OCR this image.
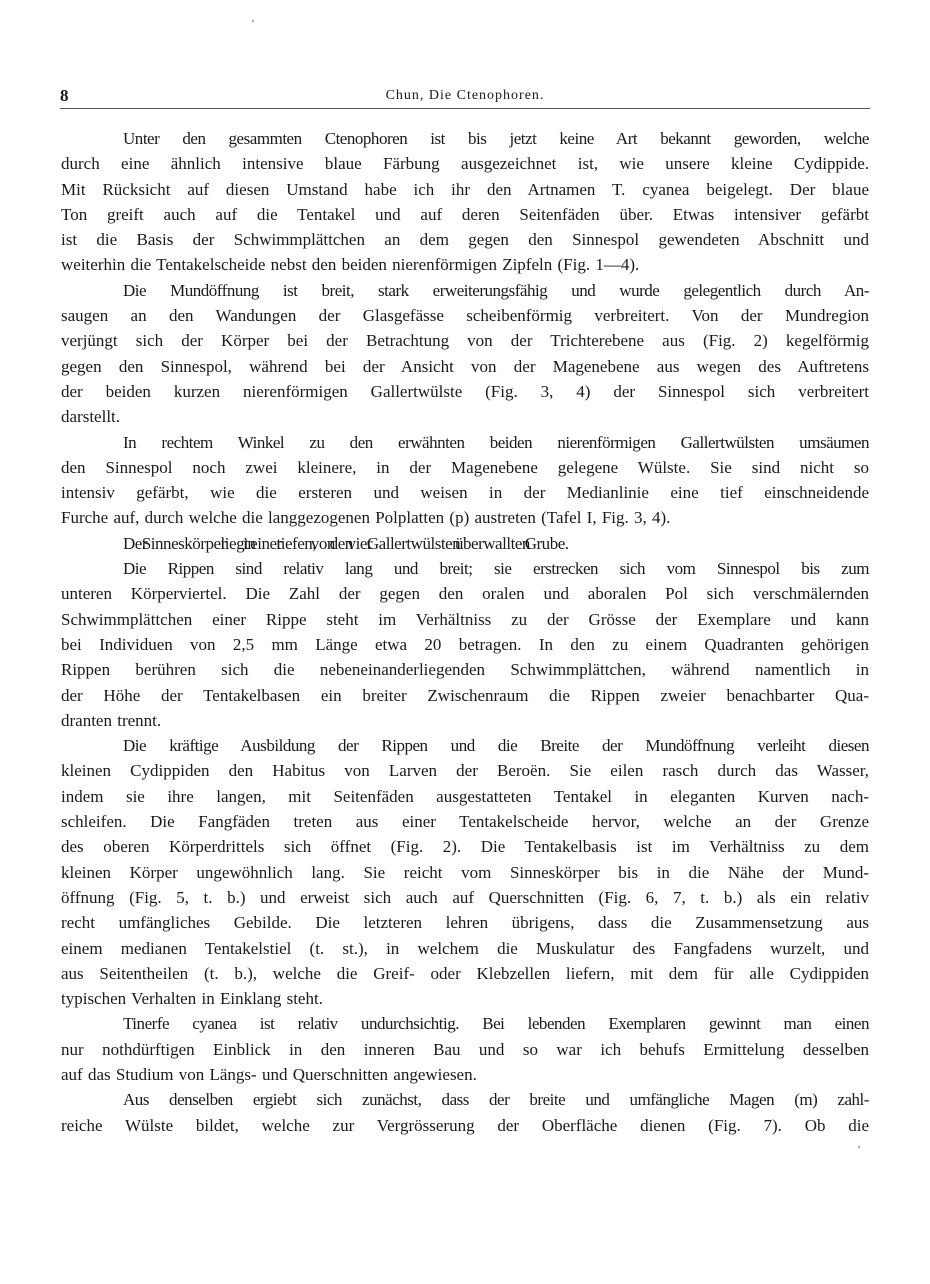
8	Chun, Die Ctenophoren.

Unter den gesammten Ctenophoren ist bis jetzt keine Art bekannt geworden, welche
durch eine ähnlich intensive blaue Färbung ausgezeichnet ist, wie unsere kleine Cydippide.
Mit Rücksicht auf diesen Umstand habe ich ihr den Artnamen T. cyanea beigelegt. Der blaue
Ton greift auch auf die Tentakel und auf deren Seitenfäden über. Etwas intensiver gefärbt
ist die Basis der Schwimmplättchen an dem gegen den Sinnespol gewendeten Abschnitt und
weiterhin die Tentakelscheide nebst den beiden nierenförmigen Zipfeln (Fig. 1—4).

Die Mundöffnung ist breit, stark erweiterungsfähig und wurde gelegentlich durch An-
saugen an den Wandungen der Glasgefässe scheibenförmig verbreitert. Von der Mundregion
verjüngt sich der Körper bei der Betrachtung von der Trichterebene aus (Fig. 2) kegelförmig
gegen den Sinnespol, während bei der Ansicht von der Magenebene aus wegen des Auftretens
der beiden kurzen nierenförmigen Gallertwülste (Fig. 3, 4) der Sinnespol sich verbreitert
darstellt.

In rechtem Winkel zu den erwähnten beiden nierenförmigen Gallertwülsten umsäumen
den Sinnespol noch zwei kleinere, in der Magenebene gelegene Wülste. Sie sind nicht so
intensiv gefärbt, wie die ersteren und weisen in der Medianlinie eine tief einschneidende
Furche auf, durch welche die langgezogenen Polplatten (p) austreten (Tafel I, Fig. 3, 4).

Der Sinneskörper liegt in einer tiefen, von den vier Gallertwülsten überwallten Grube.

Die Rippen sind relativ lang und breit; sie erstrecken sich vom Sinnespol bis zum
unteren Körperviertel. Die Zahl der gegen den oralen und aboralen Pol sich verschmälernden
Schwimmplättchen einer Rippe steht im Verhältniss zu der Grösse der Exemplare und kann
bei Individuen von 2,5 mm Länge etwa 20 betragen. In den zu einem Quadranten gehörigen
Rippen berühren sich die nebeneinanderliegenden Schwimmplättchen, während namentlich in
der Höhe der Tentakelbasen ein breiter Zwischenraum die Rippen zweier benachbarter Qua-
dranten trennt.

Die kräftige Ausbildung der Rippen und die Breite der Mundöffnung verleiht diesen
kleinen Cydippiden den Habitus von Larven der Beroën. Sie eilen rasch durch das Wasser,
indem sie ihre langen, mit Seitenfäden ausgestatteten Tentakel in eleganten Kurven nach-
schleifen. Die Fangfäden treten aus einer Tentakelscheide hervor, welche an der Grenze
des oberen Körperdrittels sich öffnet (Fig. 2). Die Tentakelbasis ist im Verhältniss zu dem
kleinen Körper ungewöhnlich lang. Sie reicht vom Sinneskörper bis in die Nähe der Mund-
öffnung (Fig. 5, t. b.) und erweist sich auch auf Querschnitten (Fig. 6, 7, t. b.) als ein relativ
recht umfängliches Gebilde. Die letzteren lehren übrigens, dass die Zusammensetzung aus
einem medianen Tentakelstiel (t. st.), in welchem die Muskulatur des Fangfadens wurzelt, und
aus Seitentheilen (t. b.), welche die Greif- oder Klebzellen liefern, mit dem für alle Cydippiden
typischen Verhalten in Einklang steht.

Tinerfe cyanea ist relativ undurchsichtig. Bei lebenden Exemplaren gewinnt man einen
nur nothdürftigen Einblick in den inneren Bau und so war ich behufs Ermittelung desselben
auf das Studium von Längs- und Querschnitten angewiesen.

Aus denselben ergiebt sich zunächst, dass der breite und umfängliche Magen (m) zahl-
reiche Wülste bildet, welche zur Vergrösserung der Oberfläche dienen (Fig. 7). Ob die
